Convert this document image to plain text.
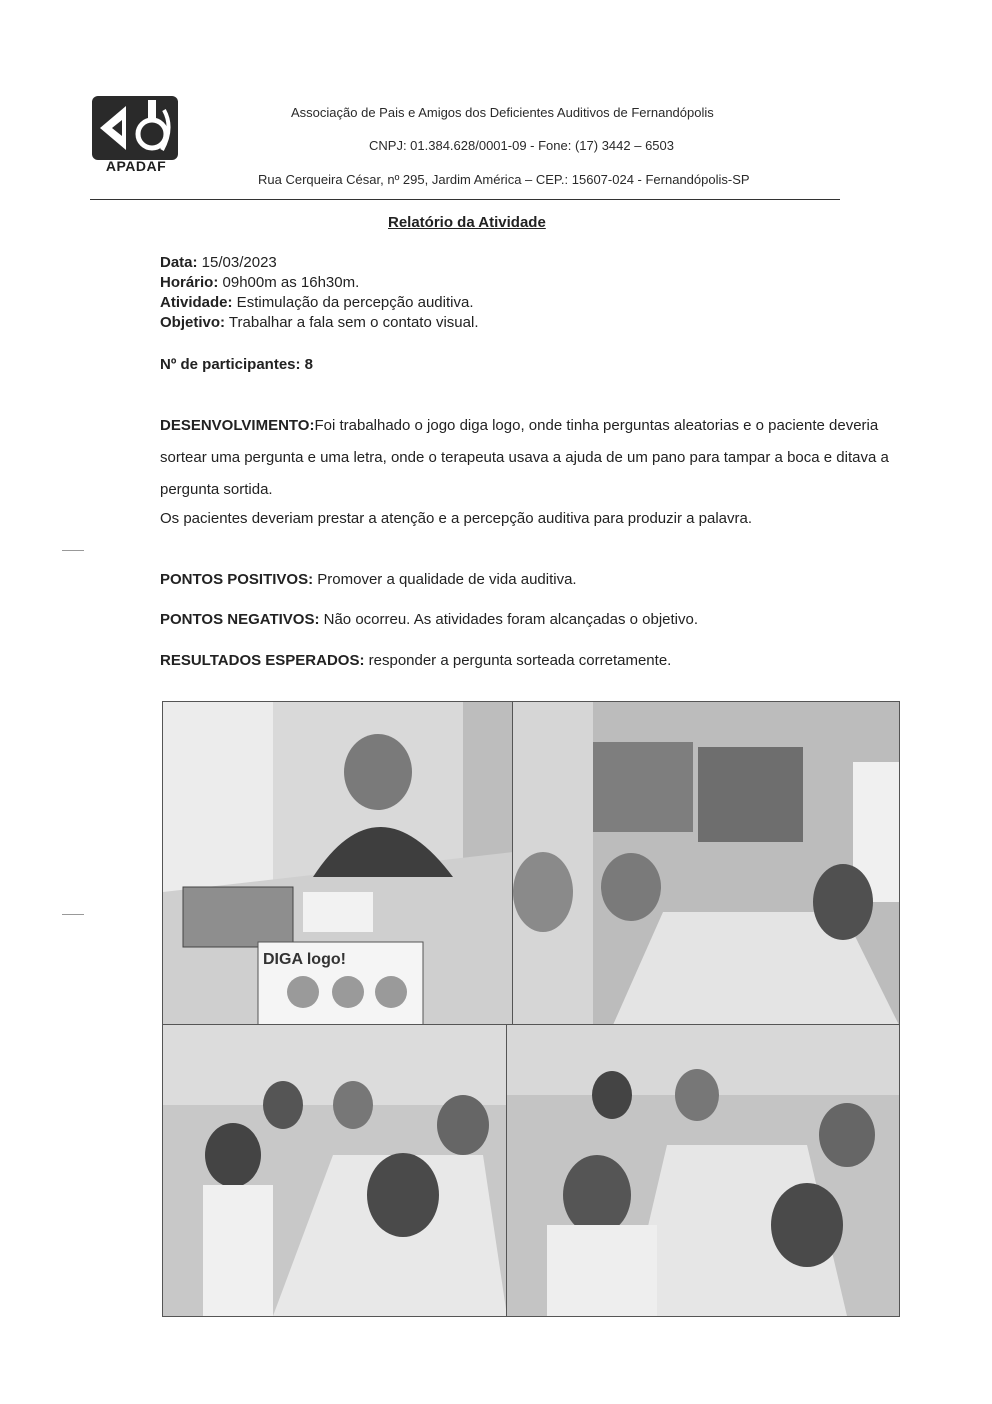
APADAF
Associação de Pais e Amigos dos Deficientes Auditivos de Fernandópolis
CNPJ: 01.384.628/0001-09 - Fone: (17) 3442 – 6503
Rua Cerqueira César, nº 295, Jardim América – CEP.: 15607-024 - Fernandópolis-SP
Relatório da Atividade
Data: 15/03/2023
Horário: 09h00m as 16h30m.
Atividade: Estimulação da percepção auditiva.
Objetivo: Trabalhar a fala sem o contato visual.
Nº de participantes: 8
DESENVOLVIMENTO:Foi trabalhado o jogo diga logo, onde tinha perguntas aleatorias e o paciente deveria sortear uma pergunta e uma letra, onde o terapeuta usava a ajuda de um pano para tampar a boca e ditava a pergunta sortida.
Os pacientes deveriam prestar a atenção e a percepção auditiva para produzir a palavra.
PONTOS POSITIVOS: Promover a qualidade de vida auditiva.
PONTOS NEGATIVOS: Não ocorreu. As atividades foram alcançadas o objetivo.
RESULTADOS ESPERADOS: responder a pergunta sorteada corretamente.
DIGA logo!
